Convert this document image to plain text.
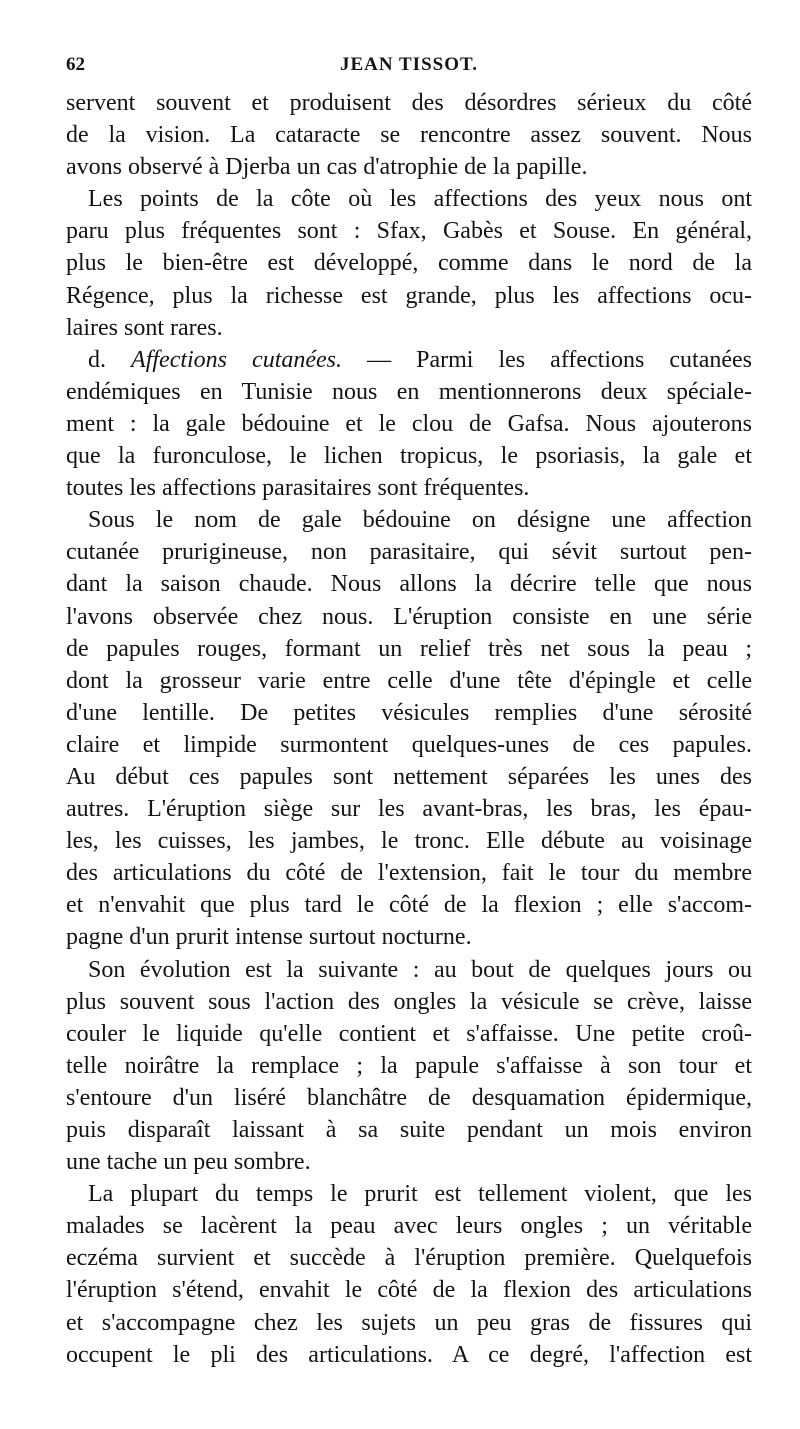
62	JEAN TISSOT.
servent souvent et produisent des désordres sérieux du côté
de la vision. La cataracte se rencontre assez souvent. Nous
avons observé à Djerba un cas d'atrophie de la papille.
Les points de la côte où les affections des yeux nous ont
paru plus fréquentes sont : Sfax, Gabès et Souse. En général,
plus le bien-être est développé, comme dans le nord de la
Régence, plus la richesse est grande, plus les affections ocu-
laires sont rares.
d. Affections cutanées. — Parmi les affections cutanées
endémiques en Tunisie nous en mentionnerons deux spéciale-
ment : la gale bédouine et le clou de Gafsa. Nous ajouterons
que la furonculose, le lichen tropicus, le psoriasis, la gale et
toutes les affections parasitaires sont fréquentes.
Sous le nom de gale bédouine on désigne une affection
cutanée prurigineuse, non parasitaire, qui sévit surtout pen-
dant la saison chaude. Nous allons la décrire telle que nous
l'avons observée chez nous. L'éruption consiste en une série
de papules rouges, formant un relief très net sous la peau ;
dont la grosseur varie entre celle d'une tête d'épingle et celle
d'une lentille. De petites vésicules remplies d'une sérosité
claire et limpide surmontent quelques-unes de ces papules.
Au début ces papules sont nettement séparées les unes des
autres. L'éruption siège sur les avant-bras, les bras, les épau-
les, les cuisses, les jambes, le tronc. Elle débute au voisinage
des articulations du côté de l'extension, fait le tour du membre
et n'envahit que plus tard le côté de la flexion ; elle s'accom-
pagne d'un prurit intense surtout nocturne.
Son évolution est la suivante : au bout de quelques jours ou
plus souvent sous l'action des ongles la vésicule se crève, laisse
couler le liquide qu'elle contient et s'affaisse. Une petite croû-
telle noirâtre la remplace ; la papule s'affaisse à son tour et
s'entoure d'un liséré blanchâtre de desquamation épidermique,
puis disparaît laissant à sa suite pendant un mois environ
une tache un peu sombre.
La plupart du temps le prurit est tellement violent, que les
malades se lacèrent la peau avec leurs ongles ; un véritable
eczéma survient et succède à l'éruption première. Quelquefois
l'éruption s'étend, envahit le côté de la flexion des articulations
et s'accompagne chez les sujets un peu gras de fissures qui
occupent le pli des articulations. A ce degré, l'affection est
